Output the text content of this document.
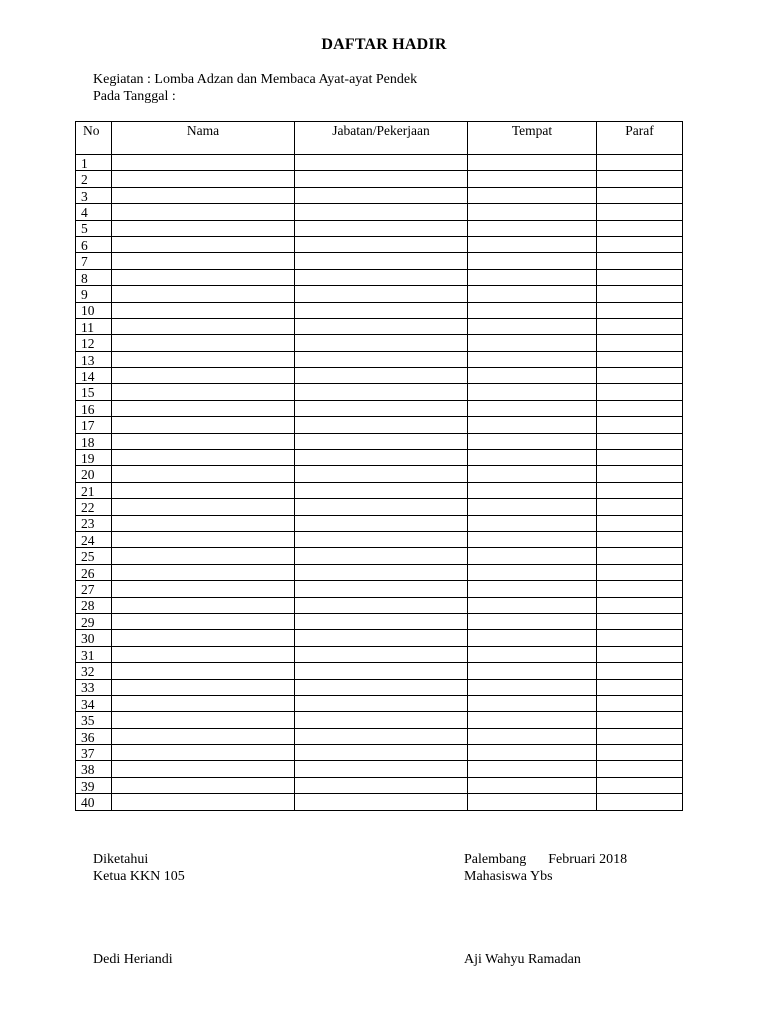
DAFTAR HADIR
Kegiatan : Lomba Adzan dan Membaca Ayat-ayat Pendek
Pada Tanggal :
No	Nama	Jabatan/Pekerjaan	Tempat	Paraf
1				
2				
3				
4				
5				
6				
7				
8				
9				
10				
11				
12				
13				
14				
15				
16				
17				
18				
19				
20				
21				
22				
23				
24				
25				
26				
27				
28				
29				
30				
31				
32				
33				
34				
35				
36				
37				
38				
39				
40				
Diketahui
Ketua KKN 105
Dedi Heriandi
Palembang Februari 2018
Mahasiswa Ybs
Aji Wahyu Ramadan
